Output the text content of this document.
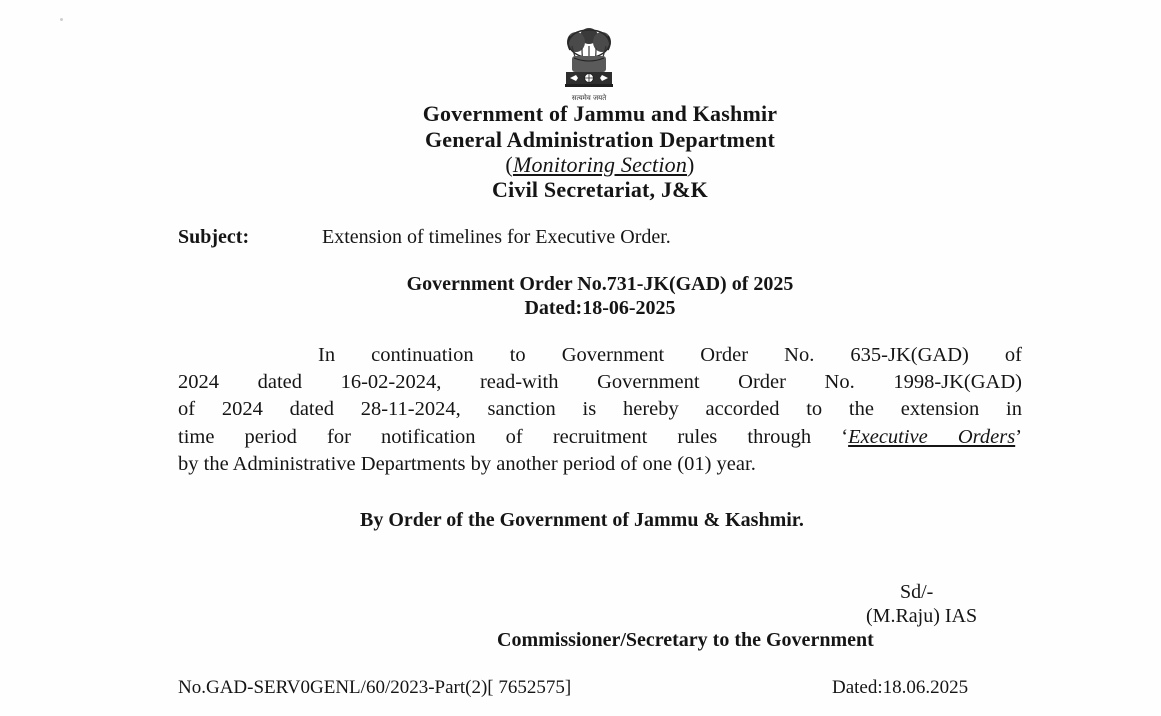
सत्यमेव जयते
Government of Jammu and Kashmir
General Administration Department
(Monitoring Section)
Civil Secretariat, J&K
Subject:	Extension of timelines for Executive Order.
Government Order No.731-JK(GAD) of 2025
Dated:18-06-2025
In continuation to Government Order No. 635-JK(GAD) of
2024 dated 16-02-2024, read-with Government Order No. 1998-JK(GAD)
of 2024 dated 28-11-2024, sanction is hereby accorded to the extension in
time period for notification of recruitment rules through ‘Executive Orders’
by the Administrative Departments by another period of one (01) year.
By Order of the Government of Jammu & Kashmir.
Sd/-
(M.Raju) IAS
Commissioner/Secretary to the Government
No.GAD-SERV0GENL/60/2023-Part(2)[ 7652575]	Dated:18.06.2025
